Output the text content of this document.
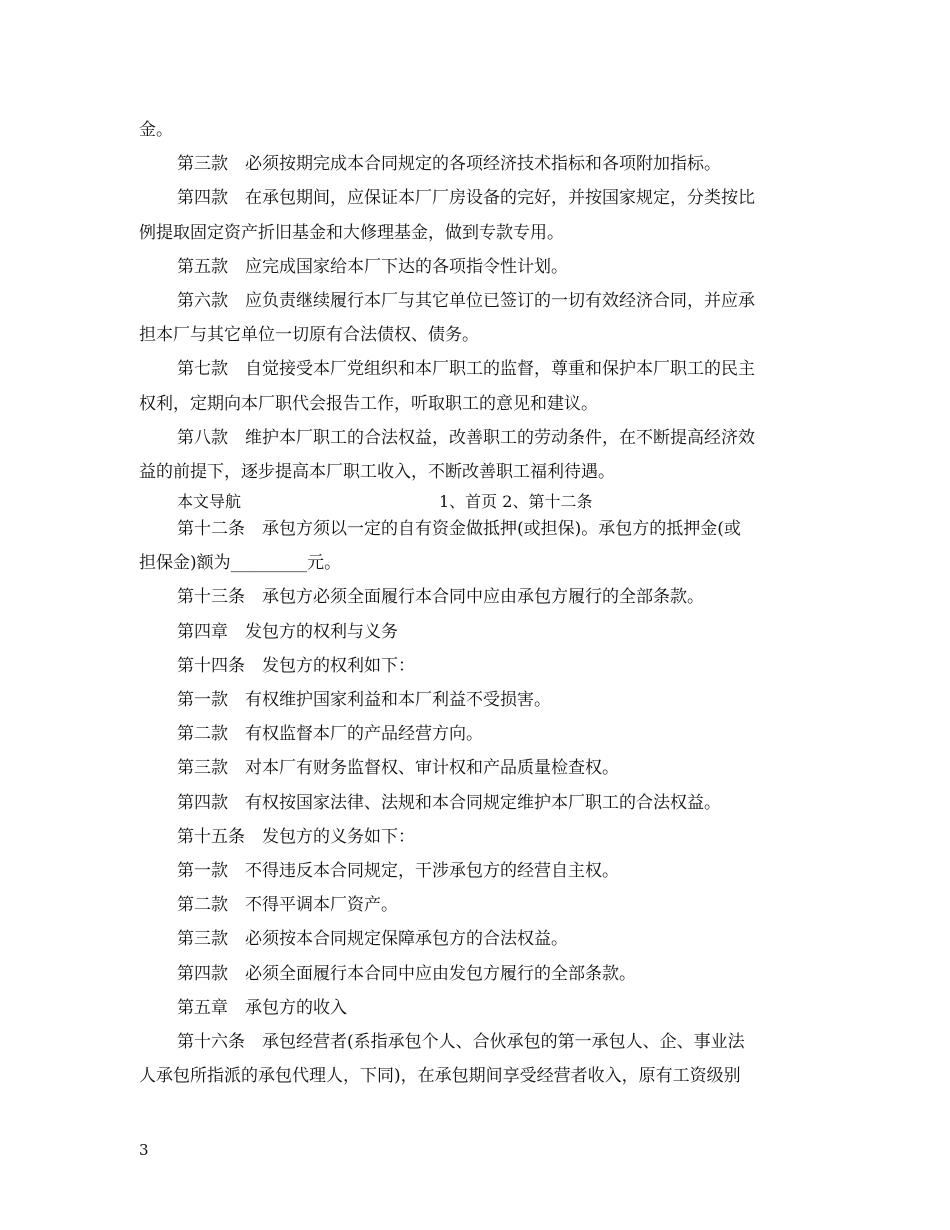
金。
第三款　必须按期完成本合同规定的各项经济技术指标和各项附加指标。
第四款　在承包期间，应保证本厂厂房设备的完好，并按国家规定，分类按比
例提取固定资产折旧基金和大修理基金，做到专款专用。
第五款　应完成国家给本厂下达的各项指令性计划。
第六款　应负责继续履行本厂与其它单位已签订的一切有效经济合同，并应承
担本厂与其它单位一切原有合法债权、债务。
第七款　自觉接受本厂党组织和本厂职工的监督，尊重和保护本厂职工的民主
权利，定期向本厂职代会报告工作，听取职工的意见和建议。
第八款　维护本厂职工的合法权益，改善职工的劳动条件，在不断提高经济效
益的前提下，逐步提高本厂职工收入，不断改善职工福利待遇。
本文导航	1、首页 2、第十二条
第十二条　承包方须以一定的自有资金做抵押(或担保)。承包方的抵押金(或
担保金)额为_________元。
第十三条　承包方必须全面履行本合同中应由承包方履行的全部条款。
第四章　发包方的权利与义务
第十四条　发包方的权利如下：
第一款　有权维护国家利益和本厂利益不受损害。
第二款　有权监督本厂的产品经营方向。
第三款　对本厂有财务监督权、审计权和产品质量检查权。
第四款　有权按国家法律、法规和本合同规定维护本厂职工的合法权益。
第十五条　发包方的义务如下：
第一款　不得违反本合同规定，干涉承包方的经营自主权。
第二款　不得平调本厂资产。
第三款　必须按本合同规定保障承包方的合法权益。
第四款　必须全面履行本合同中应由发包方履行的全部条款。
第五章　承包方的收入
第十六条　承包经营者(系指承包个人、合伙承包的第一承包人、企、事业法
人承包所指派的承包代理人，下同)，在承包期间享受经营者收入，原有工资级别
3
